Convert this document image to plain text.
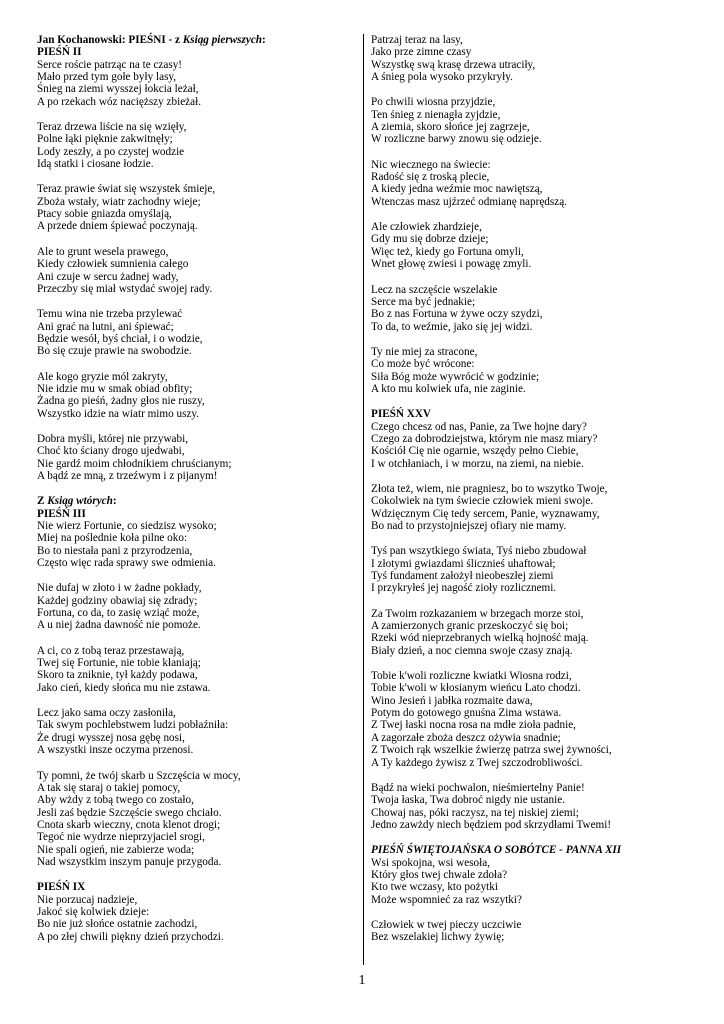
Jan Kochanowski: PIEŚNI - z Ksiąg pierwszych:
PIEŚŃ II
Serce roście patrząc na te czasy!
Mało przed tym gołe były lasy,
Śnieg na ziemi wysszej łokcia leżał,
A po rzekach wóz nacięższy zbieżał.
Teraz drzewa liście na się wzięły,
Polne łąki pięknie zakwitnęły;
Lody zeszły, a po czystej wodzie
Idą statki i ciosane łodzie.
Teraz prawie świat się wszystek śmieje,
Zboża wstały, wiatr zachodny wieje;
Ptacy sobie gniazda omyślają,
A przede dniem śpiewać poczynają.
Ale to grunt wesela prawego,
Kiedy człowiek sumnienia całego
Ani czuje w sercu żadnej wady,
Przeczby się miał wstydać swojej rady.
Temu wina nie trzeba przylewać
Ani grać na lutni, ani śpiewać;
Będzie wesół, byś chciał, i o wodzie,
Bo się czuje prawie na swobodzie.
Ale kogo gryzie mól zakryty,
Nie idzie mu w smak obiad obfity;
Żadna go pieśń, żadny głos nie ruszy,
Wszystko idzie na wiatr mimo uszy.
Dobra myśli, której nie przywabi,
Choć kto ściany drogo ujedwabi,
Nie gardź moim chłodnikiem chruścianym;
A bądź ze mną, z trzeźwym i z pijanym!
Z Ksiąg wtórych:
PIEŚŃ III
Nie wierz Fortunie, co siedzisz wysoko;
Miej na poślednie koła pilne oko:
Bo to niestała pani z przyrodzenia,
Często więc rada sprawy swe odmienia.
Nie dufaj w złoto i w żadne pokłady,
Każdej godziny obawiaj się zdrady;
Fortuna, co da, to zasię wziąć może,
A u niej żadna dawność nie pomoże.
A ci, co z tobą teraz przestawają,
Twej się Fortunie, nie tobie kłaniają;
Skoro ta zniknie, tył każdy podawa,
Jako cień, kiedy słońca mu nie zstawa.
Lecz jako sama oczy zasłoniła,
Tak swym pochlebstwem ludzi pobłaźniła:
Że drugi wysszej nosa gębę nosi,
A wszystki insze oczyma przenosi.
Ty pomni, że twój skarb u Szczęścia w mocy,
A tak się staraj o takiej pomocy,
Aby wżdy z tobą twego co zostało,
Jesli zaś będzie Szczęście swego chciało.
Cnota skarb wieczny, cnota klenot drogi;
Tegoć nie wydrze nieprzyjaciel srogi,
Nie spali ogień, nie zabierze woda;
Nad wszystkim inszym panuje przygoda.
PIEŚŃ IX
Nie porzucaj nadzieje,
Jakoć się kolwiek dzieje:
Bo nie już słońce ostatnie zachodzi,
A po złej chwili piękny dzień przychodzi.
Patrzaj teraz na lasy,
Jako prze zimne czasy
Wszystkę swą krasę drzewa utraciły,
A śnieg pola wysoko przykryły.
Po chwili wiosna przyjdzie,
Ten śnieg z nienagła zyjdzie,
A ziemia, skoro słońce jej zagrzeje,
W rozliczne barwy znowu się odzieje.
Nic wiecznego na świecie:
Radość się z troską plecie,
A kiedy jedna weźmie moc nawiętszą,
Wtenczas masz ujźrzeć odmianę naprędszą.
Ale człowiek zhardzieje,
Gdy mu się dobrze dzieje;
Więc też, kiedy go Fortuna omyli,
Wnet głowę zwiesi i powagę zmyli.
Lecz na szczęście wszelakie
Serce ma być jednakie;
Bo z nas Fortuna w żywe oczy szydzi,
To da, to weźmie, jako się jej widzi.
Ty nie miej za stracone,
Co może być wrócone:
Siła Bóg może wywrócić w godzinie;
A kto mu kolwiek ufa, nie zaginie.
PIEŚŃ XXV
Czego chcesz od nas, Panie, za Twe hojne dary?
Czego za dobrodziejstwa, którym nie masz miary?
Kościół Cię nie ogarnie, wszędy pełno Ciebie,
I w otchłaniach, i w morzu, na ziemi, na niebie.
Złota też, wiem, nie pragniesz, bo to wszytko Twoje,
Cokolwiek na tym świecie człowiek mieni swoje.
Wdzięcznym Cię tedy sercem, Panie, wyznawamy,
Bo nad to przystojniejszej ofiary nie mamy.
Tyś pan wszytkiego świata, Tyś niebo zbudował
I złotymi gwiazdami ślicznieś uhaftował;
Tyś fundament założył nieobeszłej ziemi
I przykryłeś jej nagość zioły rozlicznemi.
Za Twoim rozkazaniem w brzegach morze stoi,
A zamierzonych granic przeskoczyć się boi;
Rzeki wód nieprzebranych wielką hojność mają.
Biały dzień, a noc ciemna swoje czasy znają.
Tobie k'woli rozliczne kwiatki Wiosna rodzi,
Tobie k'woli w kłosianym wieńcu Lato chodzi.
Wino Jesień i jabłka rozmaite dawa,
Potym do gotowego gnuśna Zima wstawa.
Z Twej łaski nocna rosa na mdłe zioła padnie,
A zagorzałe zboża deszcz ożywia snadnie;
Z Twoich rąk wszelkie źwierzę patrza swej żywności,
A Ty każdego żywisz z Twej szczodrobliwości.
Bądź na wieki pochwalon, nieśmiertelny Panie!
Twoja łaska, Twa dobroć nigdy nie ustanie.
Chowaj nas, póki raczysz, na tej niskiej ziemi;
Jedno zawżdy niech będziem pod skrzydłami Twemi!
PIEŚŃ ŚWIĘTOJAŃSKA O SOBÓTCE - PANNA XII
Wsi spokojna, wsi wesoła,
Który głos twej chwale zdoła?
Kto twe wczasy, kto pożytki
Może wspomnieć za raz wszytki?
Człowiek w twej pieczy uczciwie
Bez wszelakiej lichwy żywię;
1
